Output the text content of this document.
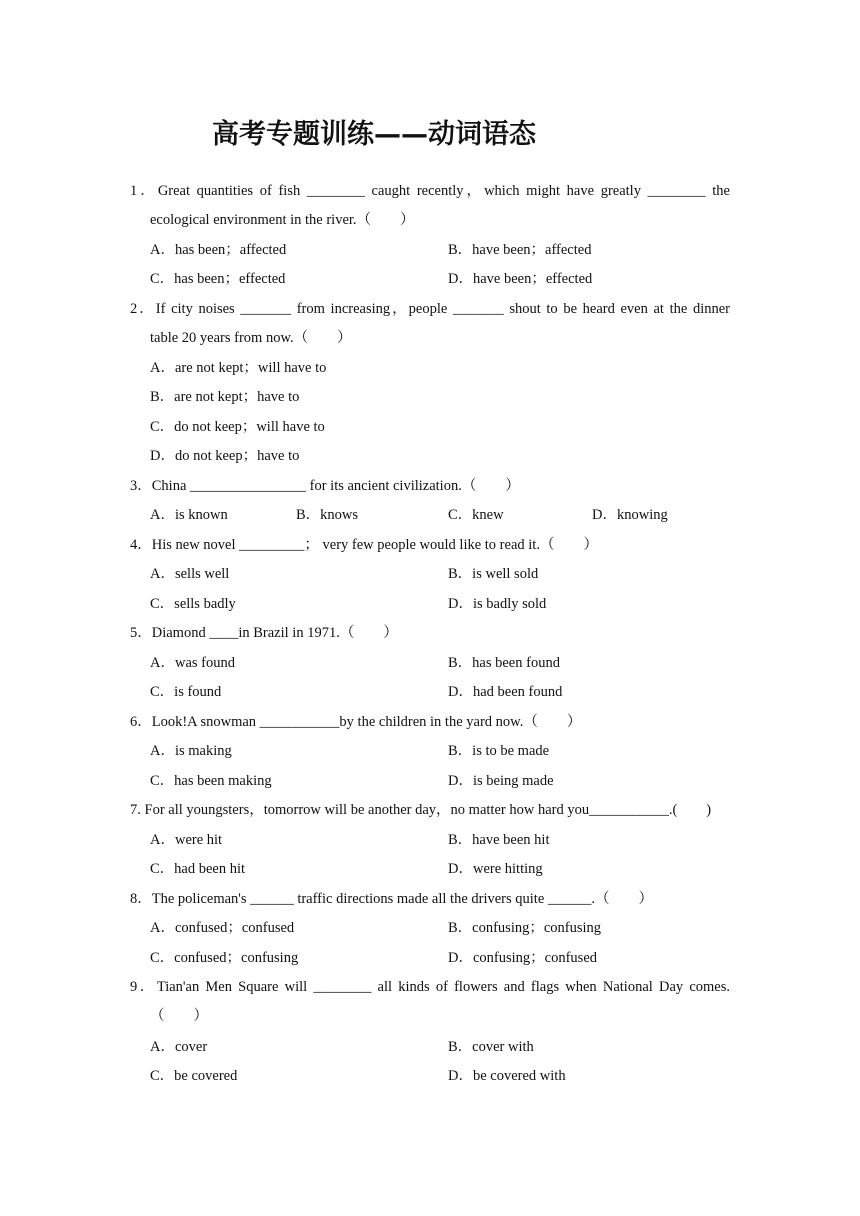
高考专题训练——动词语态
1．Great quantities of fish ________ caught recently，which might have greatly ________ the
ecological environment in the river.（　　）
A．has been；affected	B．have been；affected
C．has been；effected	D．have been；effected
2．If city noises _______ from increasing，people _______ shout to be heard even at the dinner
table 20 years from now.（　　）
A．are not kept；will have to
B．are not kept；have to
C．do not keep；will have to
D．do not keep；have to
3．China ________________ for its ancient civilization.（　　）
A．is known	B．knows	C．knew	D．knowing
4．His new novel _________； very few people would like to read it.（　　）
A．sells well	B．is well sold
C．sells badly	D．is badly sold
5．Diamond ____in Brazil in 1971.（　　）
A．was found	B．has been found
C．is found	D．had been found
6．Look!A snowman ___________by the children in the yard now.（　　）
A．is making	B．is to be made
C．has been making	D．is being made
7. For all youngsters，tomorrow will be another day，no matter how hard you___________.(　　)
A．were hit	B．have been hit
C．had been hit	D．were hitting
8．The policeman's ______ traffic directions made all the drivers quite ______.（　　）
A．confused；confused	B．confusing；confusing
C．confused；confusing	D．confusing；confused
9．Tian'an Men Square will ________ all kinds of flowers and flags when National Day comes.
（　　）
A．cover	B．cover with
C．be covered	D．be covered with
